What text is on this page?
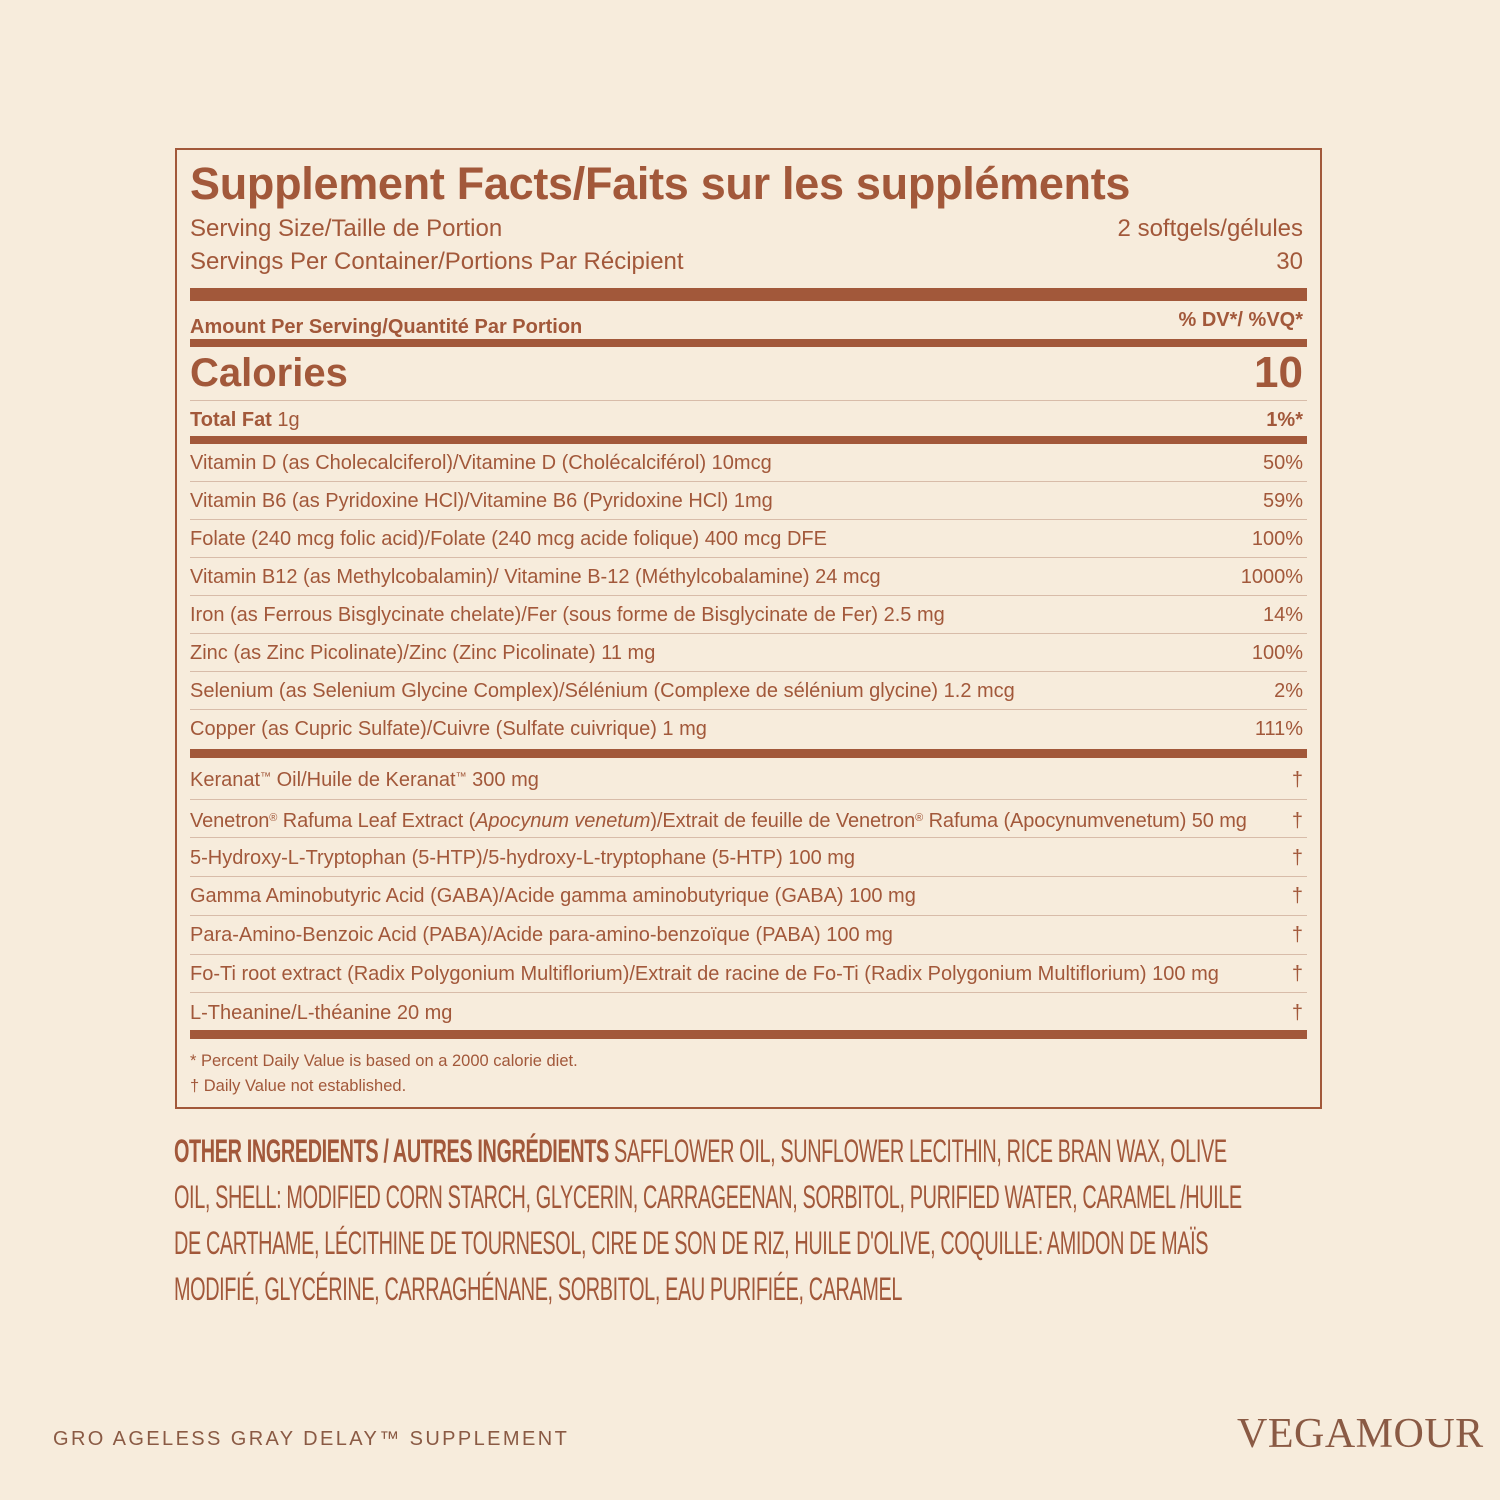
Supplement Facts/Faits sur les suppléments
Serving Size/Taille de Portion	2 softgels/gélules
Servings Per Container/Portions Par Récipient	30
Amount Per Serving/Quantité Par Portion	% DV*/ %VQ*
Calories	10
Total Fat 1g	1%*
Vitamin D (as Cholecalciferol)/Vitamine D (Cholécalciférol) 10mcg	50%
Vitamin B6 (as Pyridoxine HCl)/Vitamine B6 (Pyridoxine HCl) 1mg	59%
Folate (240 mcg folic acid)/Folate (240 mcg acide folique) 400 mcg DFE	100%
Vitamin B12 (as Methylcobalamin)/ Vitamine B-12 (Méthylcobalamine) 24 mcg	1000%
Iron (as Ferrous Bisglycinate chelate)/Fer (sous forme de Bisglycinate de Fer) 2.5 mg	14%
Zinc (as Zinc Picolinate)/Zinc (Zinc Picolinate) 11 mg	100%
Selenium (as Selenium Glycine Complex)/Sélénium (Complexe de sélénium glycine) 1.2 mcg	2%
Copper (as Cupric Sulfate)/Cuivre (Sulfate cuivrique) 1 mg	111%
Keranat™ Oil/Huile de Keranat™ 300 mg	†
Venetron® Rafuma Leaf Extract (Apocynum venetum)/Extrait de feuille de Venetron® Rafuma (Apocynumvenetum) 50 mg †
5-Hydroxy-L-Tryptophan (5-HTP)/5-hydroxy-L-tryptophane (5-HTP) 100 mg	†
Gamma Aminobutyric Acid (GABA)/Acide gamma aminobutyrique (GABA) 100 mg	†
Para-Amino-Benzoic Acid (PABA)/Acide para-amino-benzoïque (PABA) 100 mg	†
Fo-Ti root extract (Radix Polygonium Multiflorium)/Extrait de racine de Fo-Ti (Radix Polygonium Multiflorium) 100 mg	†
L-Theanine/L-théanine 20 mg	†
* Percent Daily Value is based on a 2000 calorie diet.
† Daily Value not established.
OTHER INGREDIENTS / AUTRES INGRÉDIENTS SAFFLOWER OIL, SUNFLOWER LECITHIN, RICE BRAN WAX, OLIVE OIL, SHELL: MODIFIED CORN STARCH, GLYCERIN, CARRAGEENAN, SORBITOL, PURIFIED WATER, CARAMEL /HUILE DE CARTHAME, LÉCITHINE DE TOURNESOL, CIRE DE SON DE RIZ, HUILE D'OLIVE, COQUILLE: AMIDON DE MAÏS MODIFIÉ, GLYCÉRINE, CARRAGHÉNANE, SORBITOL, EAU PURIFIÉE, CARAMEL
GRO AGELESS GRAY DELAY™ SUPPLEMENT	VEGAMOUR
